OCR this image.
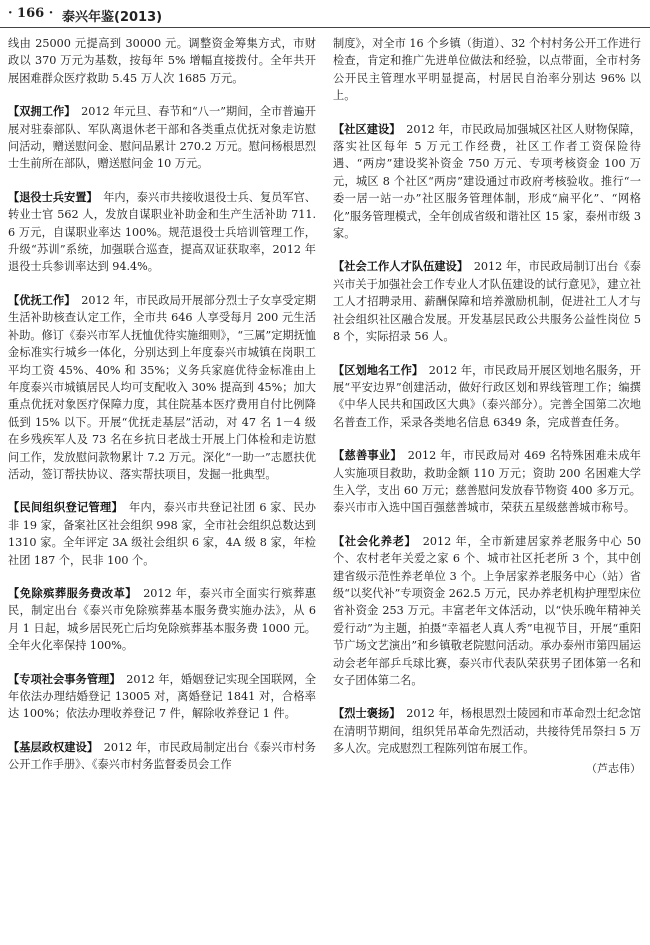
· 166 · 泰兴年鉴(2013)

线由 25000 元提高到 30000 元。调整资金筹集方式，市财政以 370 万元为基数，按每年 5% 增幅直接拨付。全年共开展困难群众医疗救助 5.45 万人次 1685 万元。

【双拥工作】　 2012 年元旦、春节和“八一”期间，全市普遍开展对驻泰部队、军队离退休老干部和各类重点优抚对象走访慰问活动，赠送慰问金、慰问品累计 270.2 万元。慰问杨根思烈士生前所在部队，赠送慰问金 10 万元。

【退役士兵安置】　 年内，泰兴市共接收退役士兵、复员军官、转业士官 562 人，发放自谋职业补助金和生产生活补助 711.6 万元，自谋职业率达 100%。规范退役士兵培训管理工作，升级“苏训”系统，加强联合巡查，提高双证获取率，2012 年退役士兵参训率达到 94.4%。

【优抚工作】　 2012 年，市民政局开展部分烈士子女享受定期生活补助核查认定工作，全市共 646 人享受每月 200 元生活补助。修订《泰兴市军人抚恤优待实施细则》，“三属”定期抚恤金标准实行城乡一体化，分别达到上年度泰兴市城镇在岗职工平均工资 45%、40% 和 35%；义务兵家庭优待金标准由上年度泰兴市城镇居民人均可支配收入 30% 提高到 45%；加大重点优抚对象医疗保障力度，其住院基本医疗费用自付比例降低到 15% 以下。开展“优抚走基层”活动，对 47 名 1－4 级在乡残疾军人及 73 名在乡抗日老战士开展上门体检和走访慰问工作，发放慰问款物累计 7.2 万元。深化“一助一”志愿扶优活动，签订帮扶协议、落实帮扶项目，发掘一批典型。

【民间组织登记管理】　 年内，泰兴市共登记社团 6 家、民办非 19 家，备案社区社会组织 998 家，全市社会组织总数达到 1310 家。全年评定 3A 级社会组织 6 家，4A 级 8 家，年检社团 187 个，民非 100 个。

【免除殡葬服务费改革】　 2012 年，泰兴市全面实行殡葬惠民，制定出台《泰兴市免除殡葬基本服务费实施办法》，从 6 月 1 日起，城乡居民死亡后均免除殡葬基本服务费 1000 元。全年火化率保持 100%。

【专项社会事务管理】　 2012 年，婚姻登记实现全国联网，全年依法办理结婚登记 13005 对，离婚登记 1841 对，合格率达 100%；依法办理收养登记 7 件，解除收养登记 1 件。

【基层政权建设】　 2012 年，市民政局制定出台《泰兴市村务公开工作手册》、《泰兴市村务监督委员会工作

制度》，对全市 16 个乡镇（街道）、32 个村村务公开工作进行检查，肯定和推广先进单位做法和经验，以点带面，全市村务公开民主管理水平明显提高，村居民自治率分别达 96% 以上。

【社区建设】　 2012 年，市民政局加强城区社区人财物保障，落实社区每年 5 万元工作经费，社区工作者工资保险待遇、“两房”建设奖补资金 750 万元、专项考核资金 100 万元，城区 8 个社区“两房”建设通过市政府考核验收。推行“一委一居一站一办”社区服务管理体制，形成“扁平化”、“网格化”服务管理模式，全年创成省级和谐社区 15 家，泰州市级 3 家。

【社会工作人才队伍建设】　 2012 年，市民政局制订出台《泰兴市关于加强社会工作专业人才队伍建设的试行意见》，建立社工人才招聘录用、薪酬保障和培养激励机制，促进社工人才与社会组织社区融合发展。开发基层民政公共服务公益性岗位 58 个，实际招录 56 人。

【区划地名工作】　 2012 年，市民政局开展区划地名服务，开展“平安边界”创建活动，做好行政区划和界线管理工作；编撰《中华人民共和国政区大典》（泰兴部分）。完善全国第二次地名普查工作，采录各类地名信息 6349 条，完成普查任务。

【慈善事业】　 2012 年，市民政局对 469 名特殊困难未成年人实施项目救助，救助金额 110 万元；资助 200 名困难大学生入学，支出 60 万元；慈善慰问发放春节物资 400 多万元。泰兴市市入选中国百强慈善城市，荣获五星级慈善城市称号。

【社会化养老】　 2012 年，全市新建居家养老服务中心 50 个、农村老年关爱之家 6 个、城市社区托老所 3 个，其中创建省级示范性养老单位 3 个。上争居家养老服务中心（站）省级“以奖代补”专项资金 262.5 万元，民办养老机构护理型床位省补资金 253 万元。丰富老年文体活动，以“快乐晚年精神关爱行动”为主题，拍摄“幸福老人真人秀”电视节目，开展“重阳节广场文艺演出”和乡镇敬老院慰问活动。承办泰州市第四届运动会老年部乒乓球比赛，泰兴市代表队荣获男子团体第一名和女子团体第二名。

【烈士褒扬】　 2012 年，杨根思烈士陵园和市革命烈士纪念馆在清明节期间，组织凭吊革命先烈活动，共接待凭吊祭扫 5 万多人次。完成慰烈工程陈列馆布展工作。

（芦志伟）
